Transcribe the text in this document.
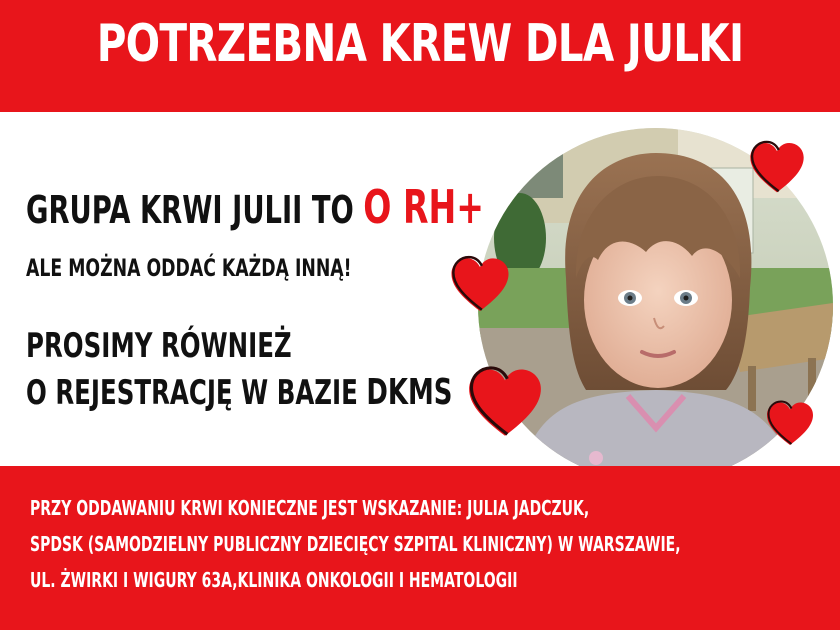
POTRZEBNA KREW DLA JULKI
GRUPA KRWI JULII TO O RH+
ALE MOŻNA ODDAĆ KAŻDĄ INNĄ!
PROSIMY RÓWNIEŻ
O REJESTRACJĘ W BAZIE DKMS
PRZY ODDAWANIU KRWI KONIECZNE JEST WSKAZANIE: JULIA JADCZUK,
SPDSK (SAMODZIELNY PUBLICZNY DZIECIĘCY SZPITAL KLINICZNY) W WARSZAWIE,
UL. ŻWIRKI I WIGURY 63A,KLINIKA ONKOLOGII I HEMATOLOGII
